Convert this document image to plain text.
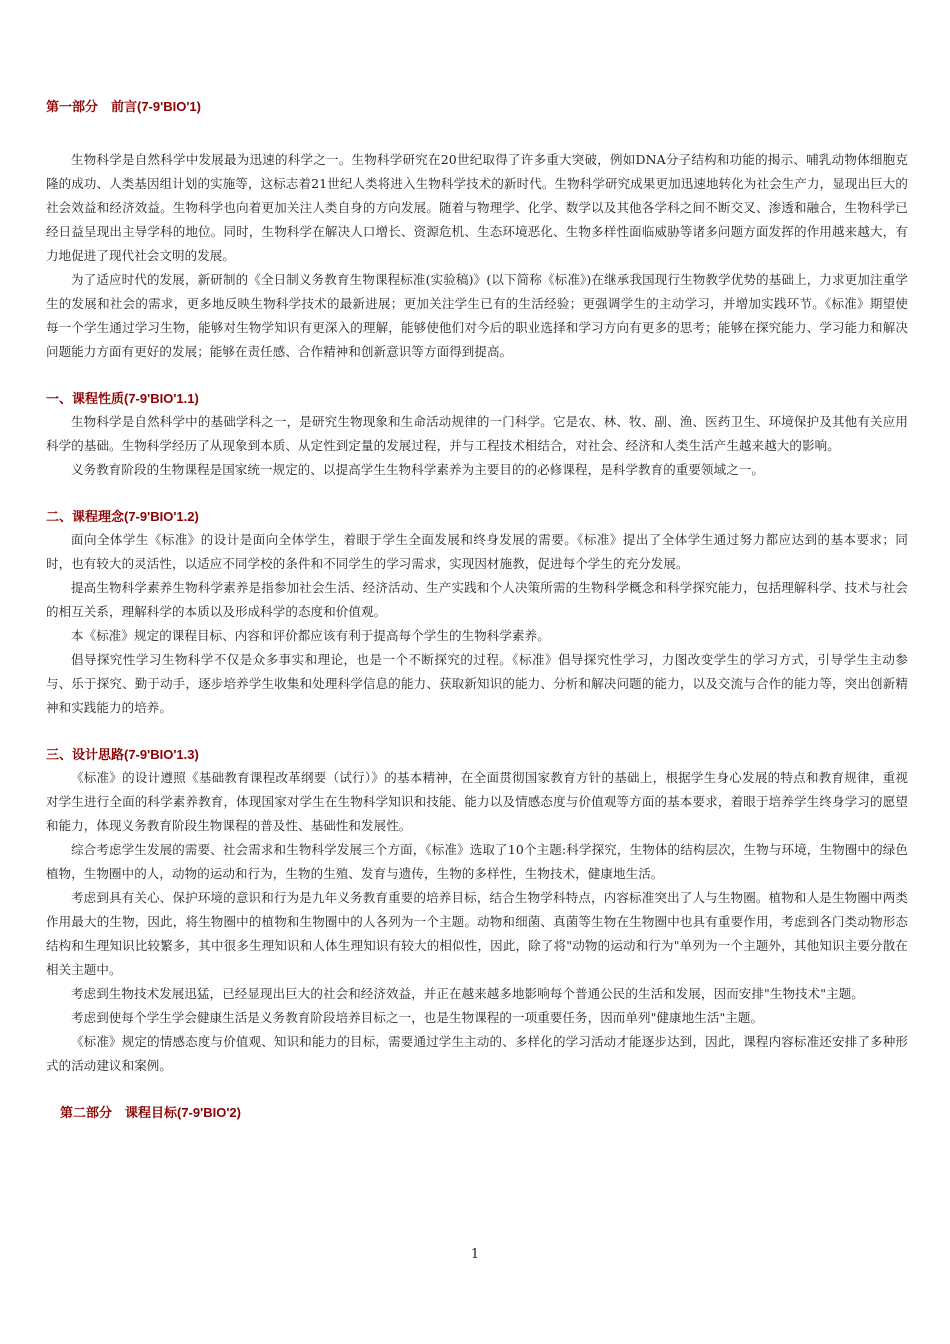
第一部分　前言(7-9'BIO'1)

生物科学是自然科学中发展最为迅速的科学之一。生物科学研究在20世纪取得了许多重大突破，例如DNA分子结构和功能的揭示、哺乳动物体细胞克隆的成功、人类基因组计划的实施等，这标志着21世纪人类将进入生物科学技术的新时代。生物科学研究成果更加迅速地转化为社会生产力，显现出巨大的社会效益和经济效益。生物科学也向着更加关注人类自身的方向发展。随着与物理学、化学、数学以及其他各学科之间不断交叉、渗透和融合，生物科学已经日益呈现出主导学科的地位。同时，生物科学在解决人口增长、资源危机、生态环境恶化、生物多样性面临威胁等诸多问题方面发挥的作用越来越大，有力地促进了现代社会文明的发展。

为了适应时代的发展，新研制的《全日制义务教育生物课程标准(实验稿)》(以下简称《标准》)在继承我国现行生物教学优势的基础上，力求更加注重学生的发展和社会的需求，更多地反映生物科学技术的最新进展；更加关注学生已有的生活经验；更强调学生的主动学习，并增加实践环节。《标准》期望使每一个学生通过学习生物，能够对生物学知识有更深入的理解，能够使他们对今后的职业选择和学习方向有更多的思考；能够在探究能力、学习能力和解决问题能力方面有更好的发展；能够在责任感、合作精神和创新意识等方面得到提高。

一、课程性质(7-9'BIO'1.1)

生物科学是自然科学中的基础学科之一，是研究生物现象和生命活动规律的一门科学。它是农、林、牧、副、渔、医药卫生、环境保护及其他有关应用科学的基础。生物科学经历了从现象到本质、从定性到定量的发展过程，并与工程技术相结合，对社会、经济和人类生活产生越来越大的影响。

义务教育阶段的生物课程是国家统一规定的、以提高学生生物科学素养为主要目的的必修课程，是科学教育的重要领域之一。

二、课程理念(7-9'BIO'1.2)

面向全体学生《标准》的设计是面向全体学生，着眼于学生全面发展和终身发展的需要。《标准》提出了全体学生通过努力都应达到的基本要求；同时，也有较大的灵活性，以适应不同学校的条件和不同学生的学习需求，实现因材施教，促进每个学生的充分发展。

提高生物科学素养生物科学素养是指参加社会生活、经济活动、生产实践和个人决策所需的生物科学概念和科学探究能力，包括理解科学、技术与社会的相互关系，理解科学的本质以及形成科学的态度和价值观。

本《标准》规定的课程目标、内容和评价都应该有利于提高每个学生的生物科学素养。

倡导探究性学习生物科学不仅是众多事实和理论，也是一个不断探究的过程。《标准》倡导探究性学习，力图改变学生的学习方式，引导学生主动参与、乐于探究、勤于动手，逐步培养学生收集和处理科学信息的能力、获取新知识的能力、分析和解决问题的能力，以及交流与合作的能力等，突出创新精神和实践能力的培养。

三、设计思路(7-9'BIO'1.3)

《标准》的设计遵照《基础教育课程改革纲要（试行）》的基本精神，在全面贯彻国家教育方针的基础上，根据学生身心发展的特点和教育规律，重视对学生进行全面的科学素养教育，体现国家对学生在生物科学知识和技能、能力以及情感态度与价值观等方面的基本要求，着眼于培养学生终身学习的愿望和能力，体现义务教育阶段生物课程的普及性、基础性和发展性。

综合考虑学生发展的需要、社会需求和生物科学发展三个方面，《标准》选取了10个主题:科学探究，生物体的结构层次，生物与环境，生物圈中的绿色植物，生物圈中的人，动物的运动和行为，生物的生殖、发育与遗传，生物的多样性，生物技术，健康地生活。

考虑到具有关心、保护环境的意识和行为是九年义务教育重要的培养目标，结合生物学科特点，内容标准突出了人与生物圈。植物和人是生物圈中两类作用最大的生物，因此，将生物圈中的植物和生物圈中的人各列为一个主题。动物和细菌、真菌等生物在生物圈中也具有重要作用，考虑到各门类动物形态结构和生理知识比较繁多，其中很多生理知识和人体生理知识有较大的相似性，因此，除了将"动物的运动和行为"单列为一个主题外，其他知识主要分散在相关主题中。

考虑到生物技术发展迅猛，已经显现出巨大的社会和经济效益，并正在越来越多地影响每个普通公民的生活和发展，因而安排"生物技术"主题。

考虑到使每个学生学会健康生活是义务教育阶段培养目标之一，也是生物课程的一项重要任务，因而单列"健康地生活"主题。

《标准》规定的情感态度与价值观、知识和能力的目标，需要通过学生主动的、多样化的学习活动才能逐步达到，因此，课程内容标准还安排了多种形式的活动建议和案例。

第二部分　课程目标(7-9'BIO'2)
1
